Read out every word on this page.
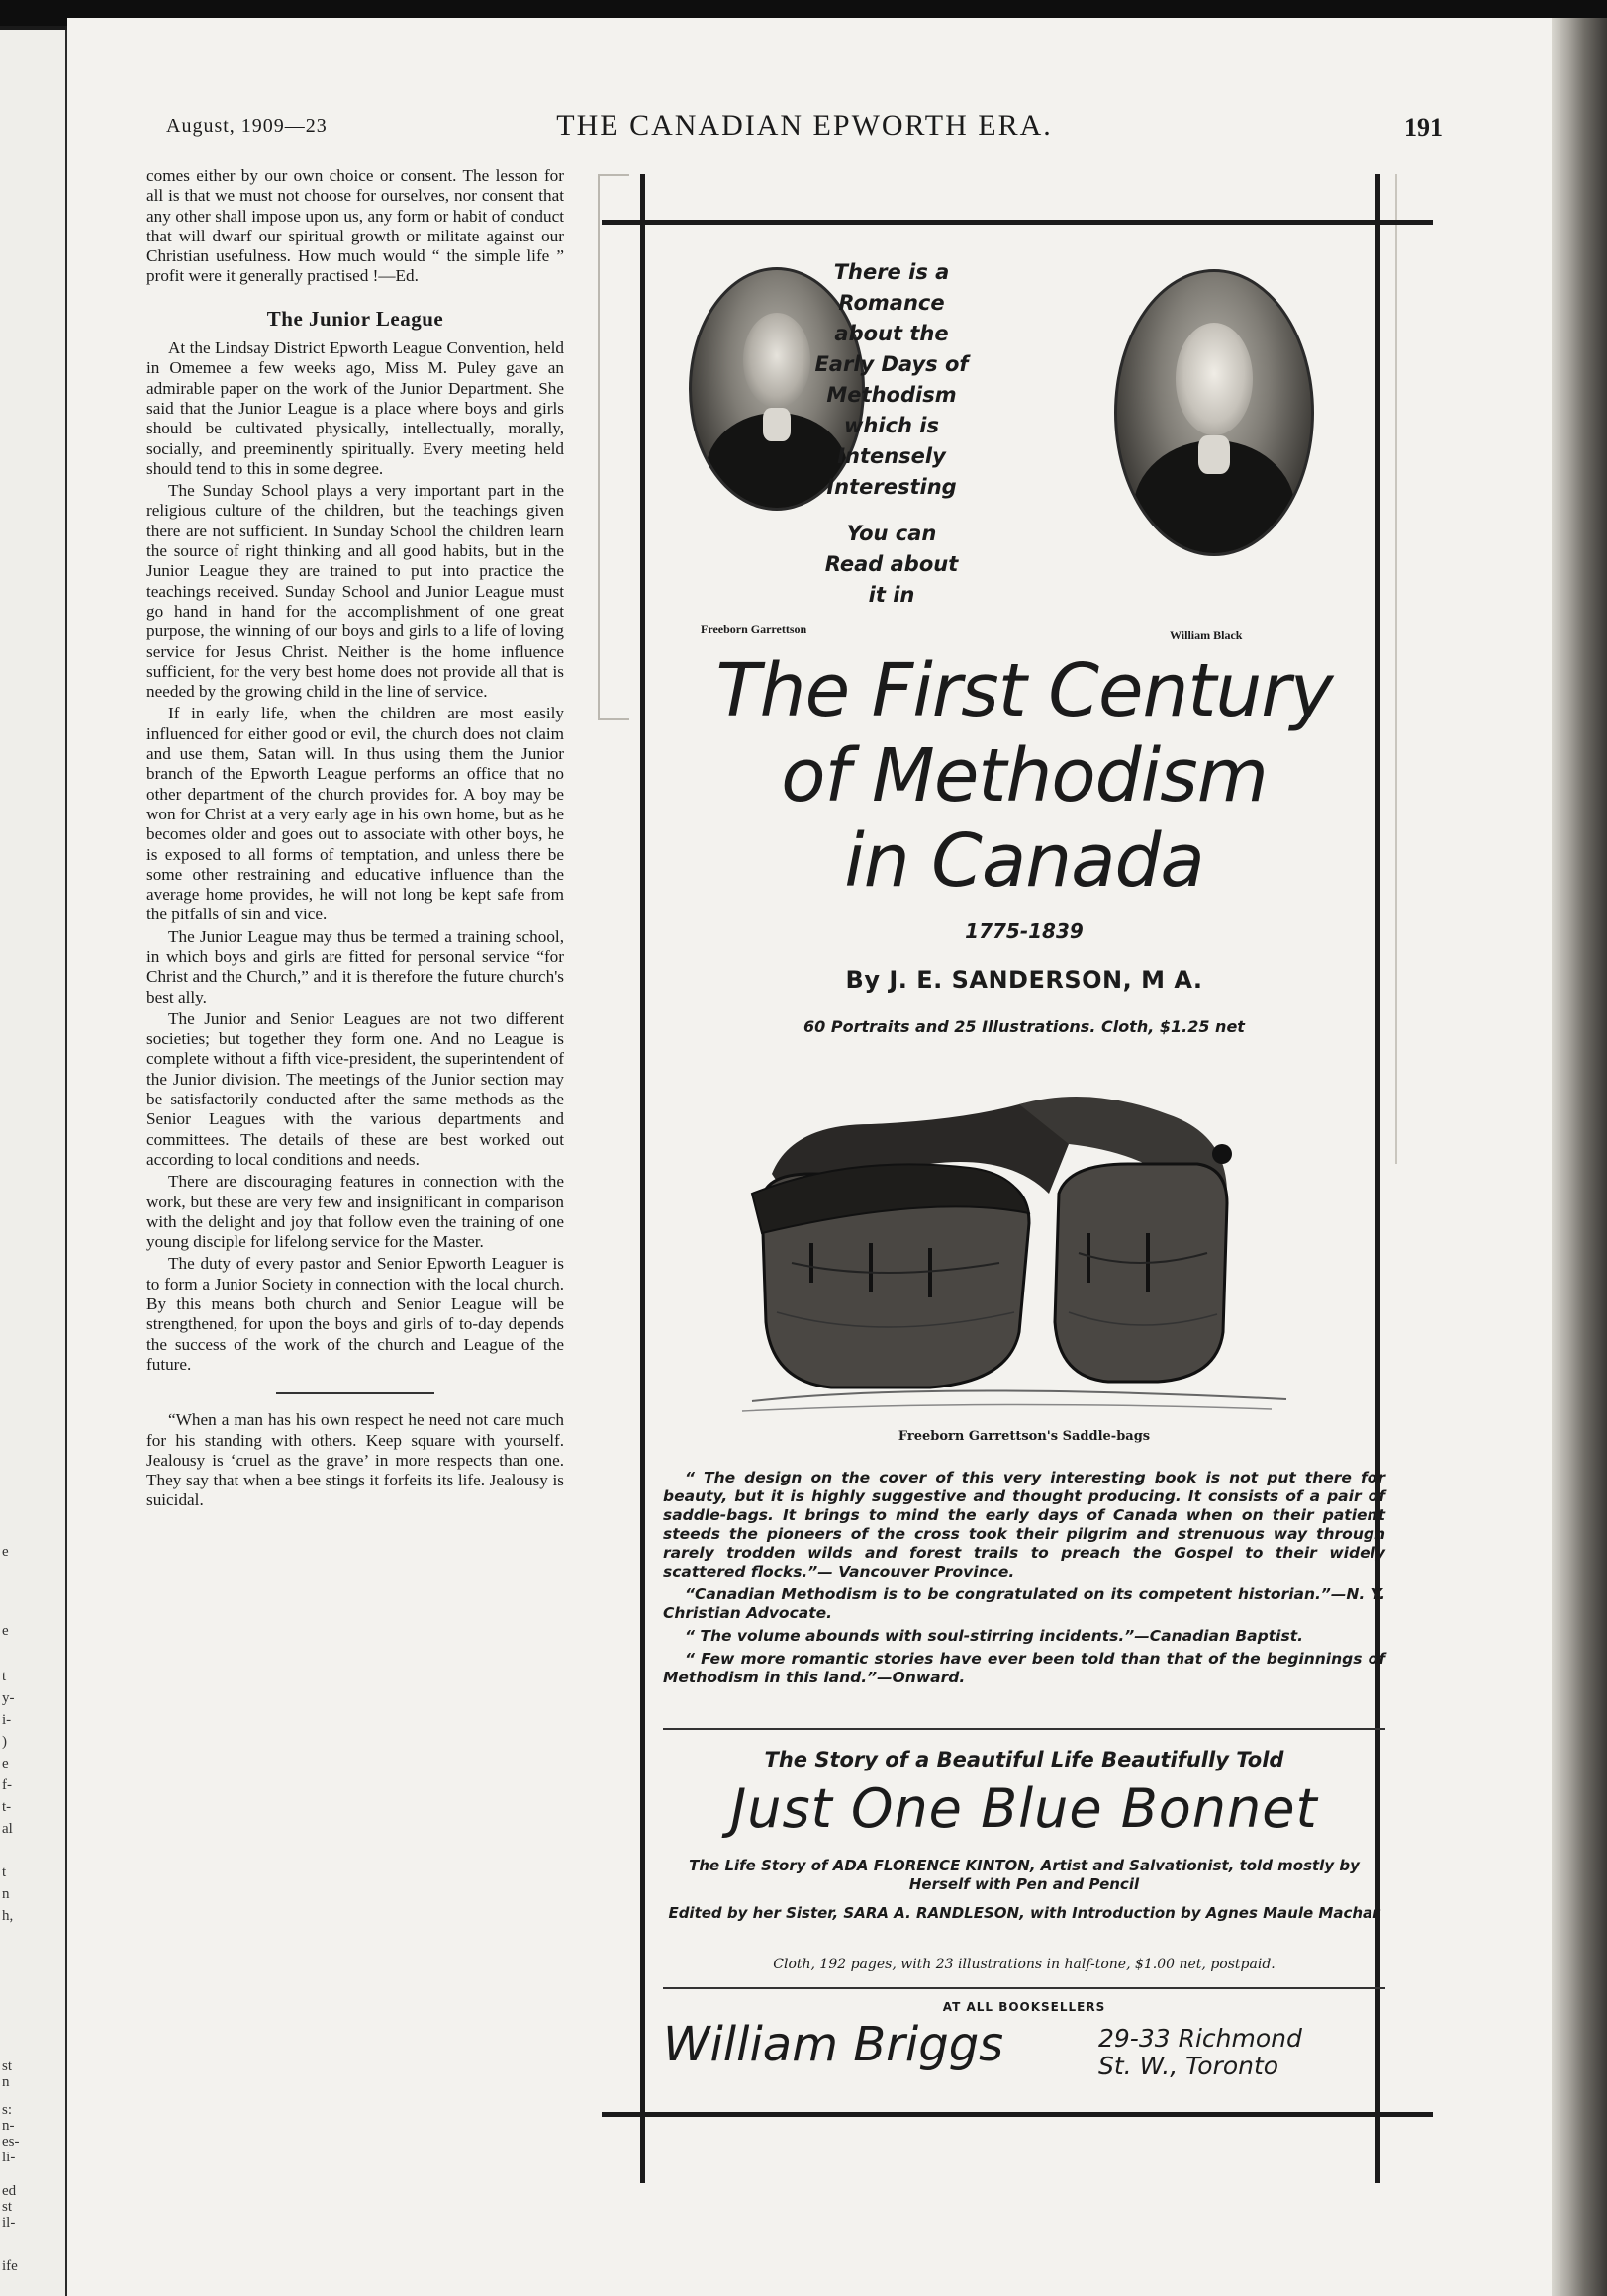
st
n
s:
n-
es-
li-
ed
st
il-
ife
e
e
t
y-
i-
)
e
f-
t-
al
t
n
h,
THE CANADIAN EPWORTH ERA.
August, 1909—23	191

comes either by our own choice or consent. The lesson for all is that we must not choose for ourselves, nor consent that any other shall impose upon us, any form or habit of conduct that will dwarf our spiritual growth or militate against our Christian usefulness. How much would “ the simple life ” profit were it generally practised !—Ed.

The Junior League

At the Lindsay District Epworth League Convention, held in Omemee a few weeks ago, Miss M. Puley gave an admirable paper on the work of the Junior Department. She said that the Junior League is a place where boys and girls should be cultivated physically, intellectually, morally, socially, and preeminently spiritually. Every meeting held should tend to this in some degree.

The Sunday School plays a very important part in the religious culture of the children, but the teachings given there are not sufficient. In Sunday School the children learn the source of right thinking and all good habits, but in the Junior League they are trained to put into practice the teachings received. Sunday School and Junior League must go hand in hand for the accomplishment of one great purpose, the winning of our boys and girls to a life of loving service for Jesus Christ. Neither is the home influence sufficient, for the very best home does not provide all that is needed by the growing child in the line of service.

If in early life, when the children are most easily influenced for either good or evil, the church does not claim and use them, Satan will. In thus using them the Junior branch of the Epworth League performs an office that no other department of the church provides for. A boy may be won for Christ at a very early age in his own home, but as he becomes older and goes out to associate with other boys, he is exposed to all forms of temptation, and unless there be some other restraining and educative influence than the average home provides, he will not long be kept safe from the pitfalls of sin and vice.

The Junior League may thus be termed a training school, in which boys and girls are fitted for personal service “for Christ and the Church,” and it is therefore the future church's best ally.

The Junior and Senior Leagues are not two different societies; but together they form one. And no League is complete without a fifth vice-president, the superintendent of the Junior division. The meetings of the Junior section may be satisfactorily conducted after the same methods as the Senior Leagues with the various departments and committees. The details of these are best worked out according to local conditions and needs.

There are discouraging features in connection with the work, but these are very few and insignificant in comparison with the delight and joy that follow even the training of one young disciple for lifelong service for the Master.

The duty of every pastor and Senior Epworth Leaguer is to form a Junior Society in connection with the local church. By this means both church and Senior League will be strengthened, for upon the boys and girls of to-day depends the success of the work of the church and League of the future.

“When a man has his own respect he need not care much for his standing with others. Keep square with yourself. Jealousy is ‘cruel as the grave’ in more respects than one. They say that when a bee stings it forfeits its life. Jealousy is suicidal.

Freeborn Garrettson	William Black
There is a
Romance
about the
Early Days of
Methodism
which is
Intensely
Interesting
You can
Read about
it in
The First Century
of Methodism
in Canada
1775-1839
By J. E. SANDERSON, M A.
60 Portraits and 25 Illustrations. Cloth, $1.25 net
Freeborn Garrettson's Saddle-bags

“ The design on the cover of this very interesting book is not put there for beauty, but it is highly suggestive and thought producing. It consists of a pair of saddle-bags. It brings to mind the early days of Canada when on their patient steeds the pioneers of the cross took their pilgrim and strenuous way through rarely trodden wilds and forest trails to preach the Gospel to their widely scattered flocks.”— Vancouver Province.

“Canadian Methodism is to be congratulated on its competent historian.”—N. Y. Christian Advocate.

“ The volume abounds with soul-stirring incidents.”—Canadian Baptist.

“ Few more romantic stories have ever been told than that of the beginnings of Methodism in this land.”—Onward.

The Story of a Beautiful Life Beautifully Told
Just One Blue Bonnet
The Life Story of ADA FLORENCE KINTON, Artist and Salvationist, told mostly by Herself with Pen and Pencil
Edited by her Sister, SARA A. RANDLESON, with Introduction by Agnes Maule Machar
Cloth, 192 pages, with 23 illustrations in half-tone, $1.00 net, postpaid.
AT ALL BOOKSELLERS
William Briggs	29-33 Richmond
St. W., Toronto
